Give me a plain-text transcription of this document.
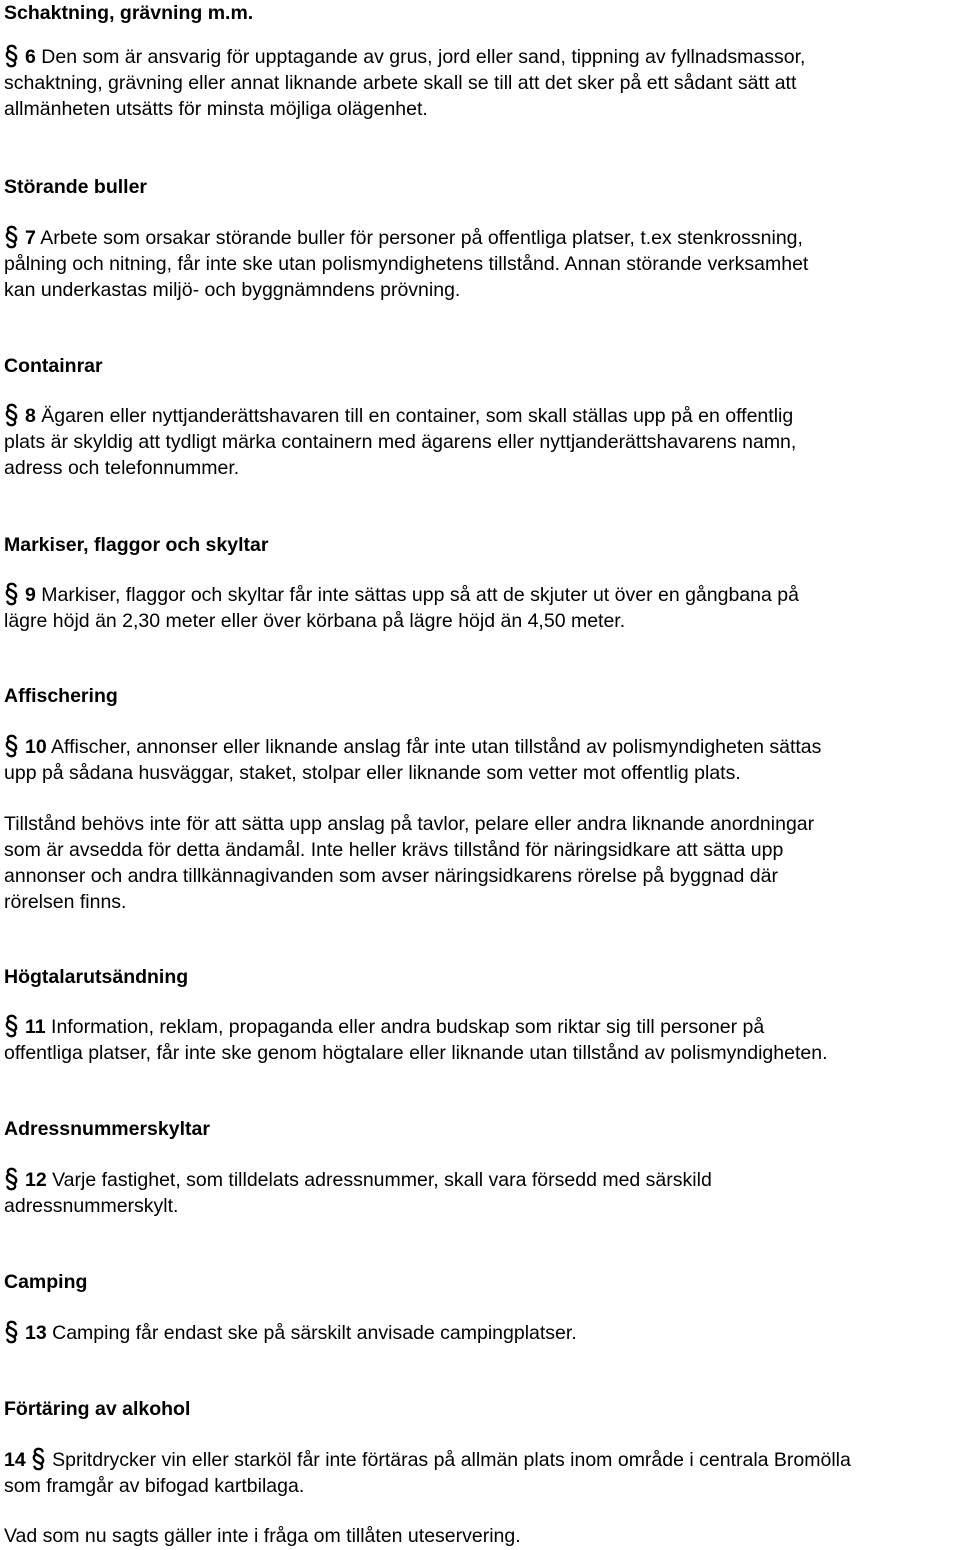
Schaktning, grävning m.m.
6 Den som är ansvarig för upptagande av grus, jord eller sand, tippning av fyllnadsmassor,
schaktning, grävning eller annat liknande arbete skall se till att det sker på ett sådant sätt att
allmänheten utsätts för minsta möjliga olägenhet.
Störande buller
7 Arbete som orsakar störande buller för personer på offentliga platser, t.ex stenkrossning,
pålning och nitning, får inte ske utan polismyndighetens tillstånd. Annan störande verksamhet
kan underkastas miljö- och byggnämndens prövning.
Containrar
8 Ägaren eller nyttjanderättshavaren till en container, som skall ställas upp på en offentlig
plats är skyldig att tydligt märka containern med ägarens eller nyttjanderättshavarens namn,
adress och telefonnummer.
Markiser, flaggor och skyltar
9 Markiser, flaggor och skyltar får inte sättas upp så att de skjuter ut över en gångbana på
lägre höjd än 2,30 meter eller över körbana på lägre höjd än 4,50 meter.
Affischering
10 Affischer, annonser eller liknande anslag får inte utan tillstånd av polismyndigheten sättas
upp på sådana husväggar, staket, stolpar eller liknande som vetter mot offentlig plats.
Tillstånd behövs inte för att sätta upp anslag på tavlor, pelare eller andra liknande anordningar
som är avsedda för detta ändamål. Inte heller krävs tillstånd för näringsidkare att sätta upp
annonser och andra tillkännagivanden som avser näringsidkarens rörelse på byggnad där
rörelsen finns.
Högtalarutsändning
11 Information, reklam, propaganda eller andra budskap som riktar sig till personer på
offentliga platser, får inte ske genom högtalare eller liknande utan tillstånd av polismyndigheten.
Adressnummerskyltar
12 Varje fastighet, som tilldelats adressnummer, skall vara försedd med särskild
adressnummerskylt.
Camping
13 Camping får endast ske på särskilt anvisade campingplatser.
Förtäring av alkohol
14 Spritdrycker vin eller starköl får inte förtäras på allmän plats inom område i centrala Bromölla
som framgår av bifogad kartbilaga.
Vad som nu sagts gäller inte i fråga om tillåten uteservering.
